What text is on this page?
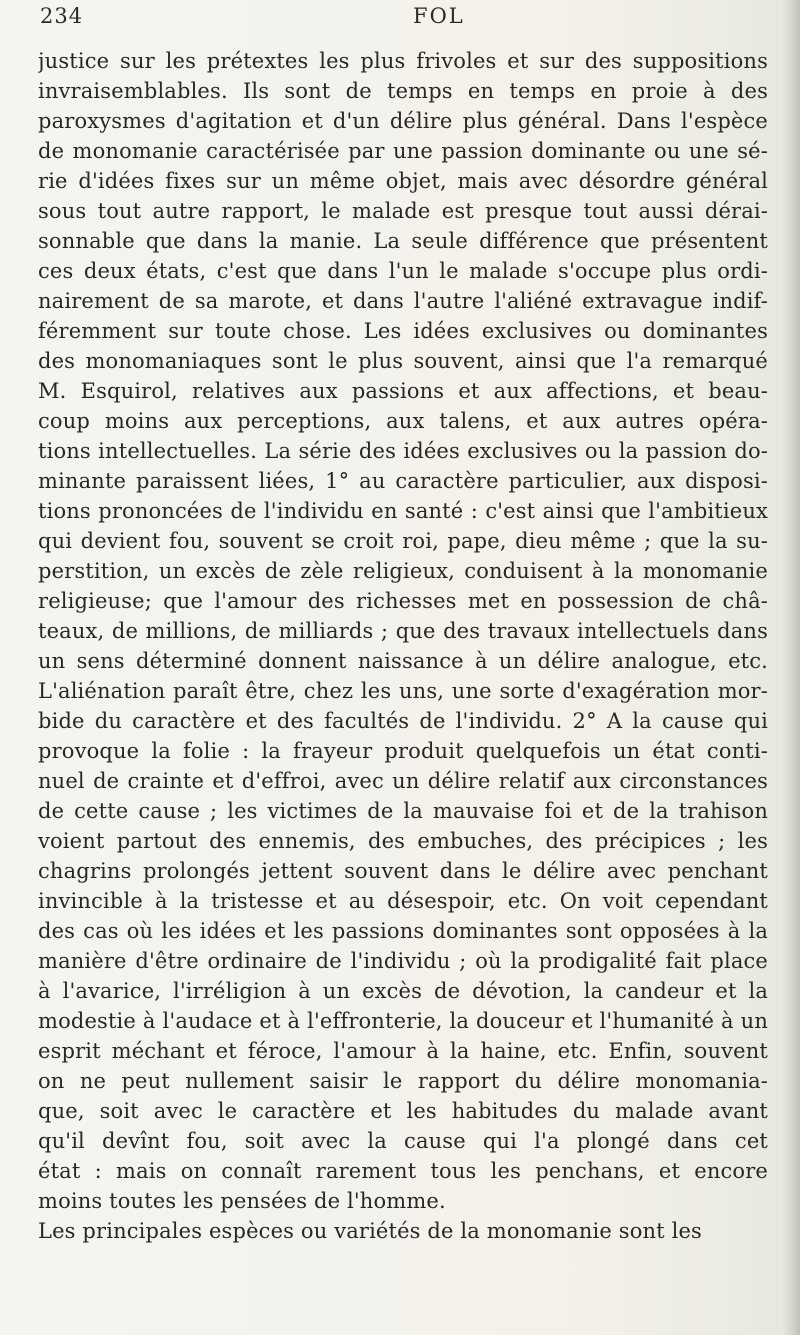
234	FOL
justice sur les prétextes les plus frivoles et sur des suppositions
invraisemblables. Ils sont de temps en temps en proie à des
paroxysmes d'agitation et d'un délire plus général. Dans l'espèce
de monomanie caractérisée par une passion dominante ou une sé-
rie d'idées fixes sur un même objet, mais avec désordre général
sous tout autre rapport, le malade est presque tout aussi dérai-
sonnable que dans la manie. La seule différence que présentent
ces deux états, c'est que dans l'un le malade s'occupe plus ordi-
nairement de sa marote, et dans l'autre l'aliéné extravague indif-
féremment sur toute chose. Les idées exclusives ou dominantes
des monomaniaques sont le plus souvent, ainsi que l'a remarqué
M. Esquirol, relatives aux passions et aux affections, et beau-
coup moins aux perceptions, aux talens, et aux autres opéra-
tions intellectuelles. La série des idées exclusives ou la passion do-
minante paraissent liées, 1° au caractère particulier, aux disposi-
tions prononcées de l'individu en santé : c'est ainsi que l'ambitieux
qui devient fou, souvent se croit roi, pape, dieu même ; que la su-
perstition, un excès de zèle religieux, conduisent à la monomanie
religieuse; que l'amour des richesses met en possession de châ-
teaux, de millions, de milliards ; que des travaux intellectuels dans
un sens déterminé donnent naissance à un délire analogue, etc.
L'aliénation paraît être, chez les uns, une sorte d'exagération mor-
bide du caractère et des facultés de l'individu. 2° A la cause qui
provoque la folie : la frayeur produit quelquefois un état conti-
nuel de crainte et d'effroi, avec un délire relatif aux circonstances
de cette cause ; les victimes de la mauvaise foi et de la trahison
voient partout des ennemis, des embuches, des précipices ; les
chagrins prolongés jettent souvent dans le délire avec penchant
invincible à la tristesse et au désespoir, etc. On voit cependant
des cas où les idées et les passions dominantes sont opposées à la
manière d'être ordinaire de l'individu ; où la prodigalité fait place
à l'avarice, l'irréligion à un excès de dévotion, la candeur et la
modestie à l'audace et à l'effronterie, la douceur et l'humanité à un
esprit méchant et féroce, l'amour à la haine, etc. Enfin, souvent
on ne peut nullement saisir le rapport du délire monomania-
que, soit avec le caractère et les habitudes du malade avant
qu'il devînt fou, soit avec la cause qui l'a plongé dans cet
état : mais on connaît rarement tous les penchans, et encore
moins toutes les pensées de l'homme.
Les principales espèces ou variétés de la monomanie sont les
